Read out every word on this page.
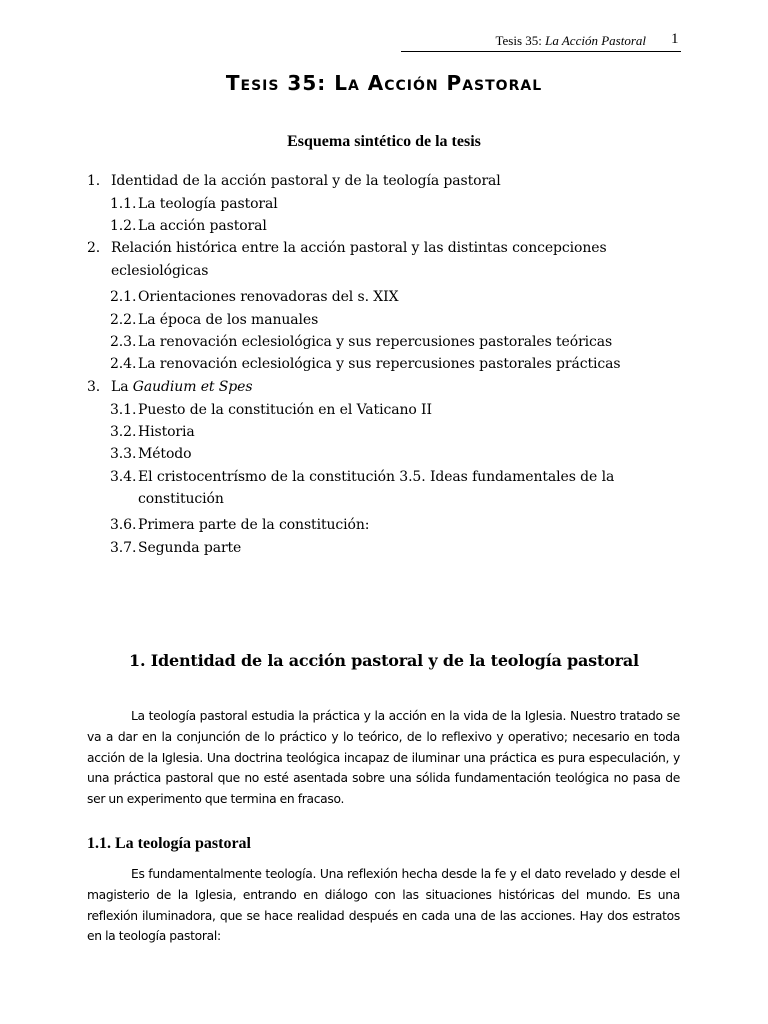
Tesis 35: La Acción Pastoral 1
Tesis 35: La Acción Pastoral
Esquema sintético de la tesis
1. Identidad de la acción pastoral y de la teología pastoral
1.1. La teología pastoral
1.2. La acción pastoral
2. Relación histórica entre la acción pastoral y las distintas concepciones
eclesiológicas
2.1. Orientaciones renovadoras del s. XIX
2.2. La época de los manuales
2.3. La renovación eclesiológica y sus repercusiones pastorales teóricas
2.4. La renovación eclesiológica y sus repercusiones pastorales prácticas
3. La Gaudium et Spes
3.1. Puesto de la constitución en el Vaticano II
3.2. Historia
3.3. Método
3.4. El cristocentrísmo de la constitución 3.5. Ideas fundamentales de la
constitución
3.6. Primera parte de la constitución:
3.7. Segunda parte
1. Identidad de la acción pastoral y de la teología pastoral

La teología pastoral estudia la práctica y la acción en la vida de la Iglesia. Nuestro tratado se va a dar en la conjunción de lo práctico y lo teórico, de lo reflexivo y operativo; necesario en toda acción de la Iglesia. Una doctrina teológica incapaz de iluminar una práctica es pura especulación, y una práctica pastoral que no esté asentada sobre una sólida fundamentación teológica no pasa de ser un experimento que termina en fracaso.

1.1. La teología pastoral

Es fundamentalmente teología. Una reflexión hecha desde la fe y el dato revelado y desde el magisterio de la Iglesia, entrando en diálogo con las situaciones históricas del mundo. Es una reflexión iluminadora, que se hace realidad después en cada una de las acciones. Hay dos estratos en la teología pastoral:
